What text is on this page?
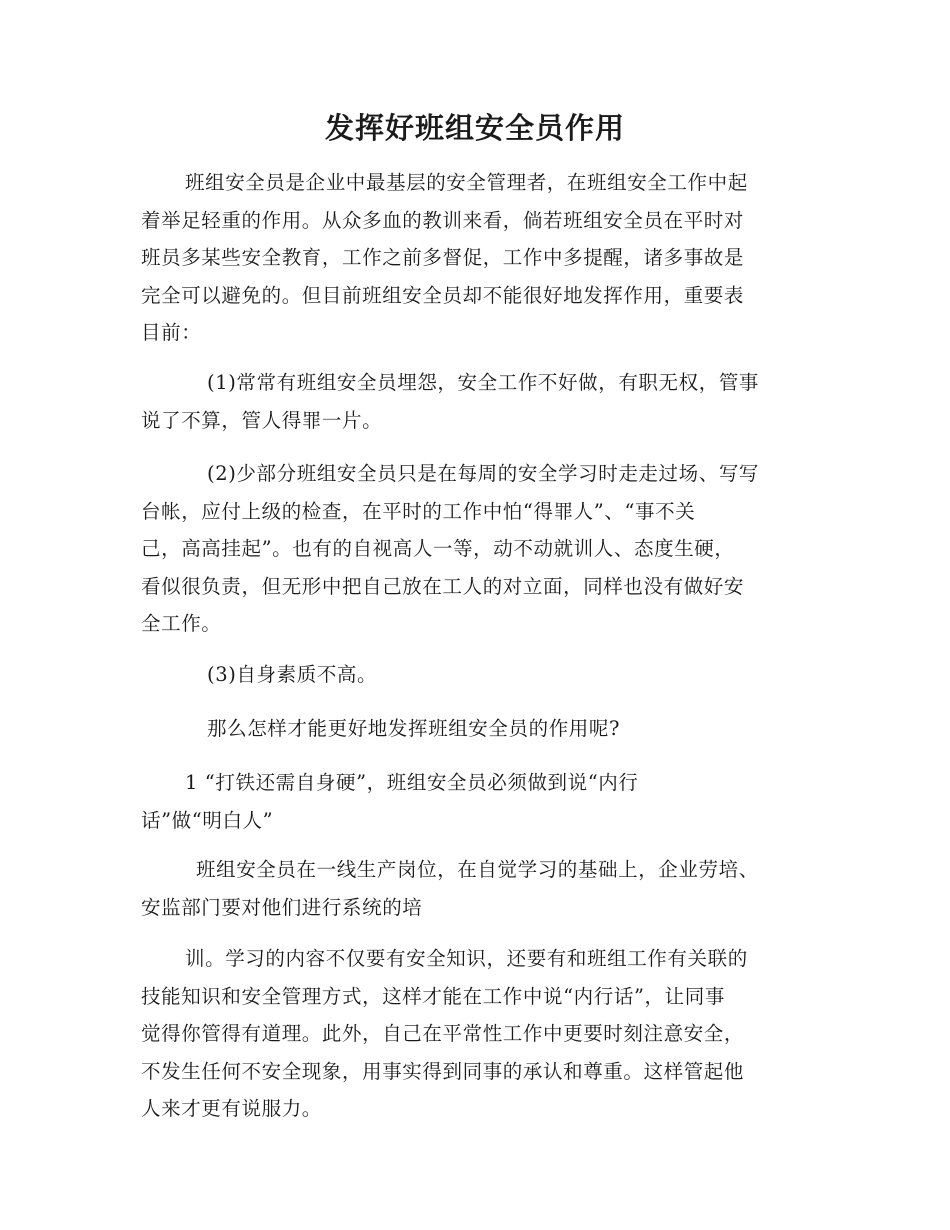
发挥好班组安全员作用

班组安全员是企业中最基层的安全管理者，在班组安全工作中起
着举足轻重的作用。从众多血的教训来看，倘若班组安全员在平时对
班员多某些安全教育，工作之前多督促，工作中多提醒，诸多事故是
完全可以避免的。但目前班组安全员却不能很好地发挥作用，重要表
目前：

(1)常常有班组安全员埋怨，安全工作不好做，有职无权，管事
说了不算，管人得罪一片。

(2)少部分班组安全员只是在每周的安全学习时走走过场、写写
台帐，应付上级的检查，在平时的工作中怕“得罪人”、“事不关
己，高高挂起”。也有的自视高人一等，动不动就训人、态度生硬，
看似很负责，但无形中把自己放在工人的对立面，同样也没有做好安
全工作。

(3)自身素质不高。

那么怎样才能更好地发挥班组安全员的作用呢?

1 “打铁还需自身硬”，班组安全员必须做到说“内行
话”做“明白人”

班组安全员在一线生产岗位，在自觉学习的基础上，企业劳培、
安监部门要对他们进行系统的培

训。学习的内容不仅要有安全知识，还要有和班组工作有关联的
技能知识和安全管理方式，这样才能在工作中说“内行话”，让同事
觉得你管得有道理。此外，自己在平常性工作中更要时刻注意安全，
不发生任何不安全现象，用事实得到同事的承认和尊重。这样管起他
人来才更有说服力。
